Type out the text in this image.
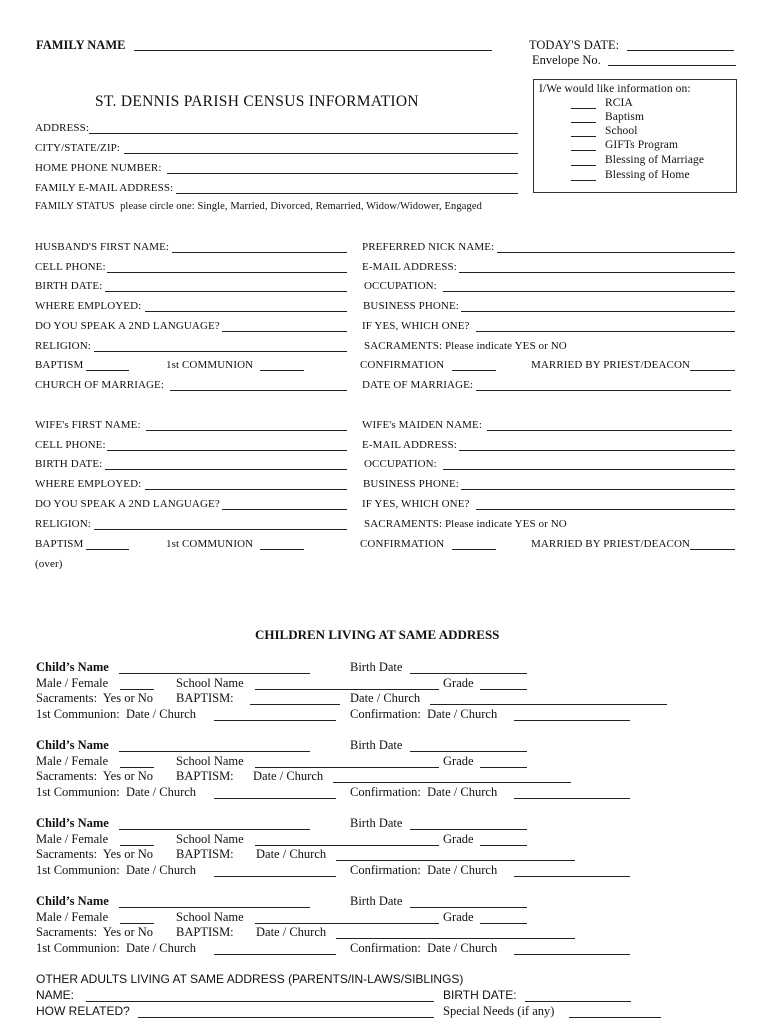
FAMILY NAME	TODAY'S DATE:
Envelope No.
ST. DENNIS PARISH CENSUS INFORMATION
I/We would like information on:
RCIA
Baptism
School
GIFTs Program
Blessing of Marriage
Blessing of Home
ADDRESS:
CITY/STATE/ZIP:
HOME PHONE NUMBER:
FAMILY E-MAIL ADDRESS:
FAMILY STATUS  please circle one: Single, Married, Divorced, Remarried, Widow/Widower, Engaged
HUSBAND'S FIRST NAME:	PREFERRED NICK NAME:
CELL PHONE:	E-MAIL ADDRESS:
BIRTH DATE:	OCCUPATION:
WHERE EMPLOYED:	BUSINESS PHONE:
DO YOU SPEAK A 2ND LANGUAGE?	IF YES, WHICH ONE?
RELIGION:	SACRAMENTS: Please indicate YES or NO
BAPTISM	1st COMMUNION	CONFIRMATION	MARRIED BY PRIEST/DEACON
CHURCH OF MARRIAGE:	DATE OF MARRIAGE:
WIFE's FIRST NAME:	WIFE's MAIDEN NAME:
CELL PHONE:	E-MAIL ADDRESS:
BIRTH DATE:	OCCUPATION:
WHERE EMPLOYED:	BUSINESS PHONE:
DO YOU SPEAK A 2ND LANGUAGE?	IF YES, WHICH ONE?
RELIGION:	SACRAMENTS: Please indicate YES or NO
BAPTISM	1st COMMUNION	CONFIRMATION	MARRIED BY PRIEST/DEACON
(over)
CHILDREN LIVING AT SAME ADDRESS
Child’s Name	Birth Date
Male / Female	School Name	Grade
Sacraments:  Yes or No BAPTISM:	Date / Church
1st Communion:  Date / Church	Confirmation:  Date / Church
Child’s Name	Birth Date
Male / Female	School Name	Grade
Sacraments:  Yes or No BAPTISM: Date / Church
1st Communion:  Date / Church	Confirmation:  Date / Church
Child’s Name	Birth Date
Male / Female	School Name	Grade
Sacraments:  Yes or No BAPTISM: Date / Church
1st Communion:  Date / Church	Confirmation:  Date / Church
Child’s Name	Birth Date
Male / Female	School Name	Grade
Sacraments:  Yes or No BAPTISM: Date / Church
1st Communion:  Date / Church	Confirmation:  Date / Church
OTHER ADULTS LIVING AT SAME ADDRESS (PARENTS/IN-LAWS/SIBLINGS)
NAME:	BIRTH DATE:
HOW RELATED?	Special Needs (if any)
